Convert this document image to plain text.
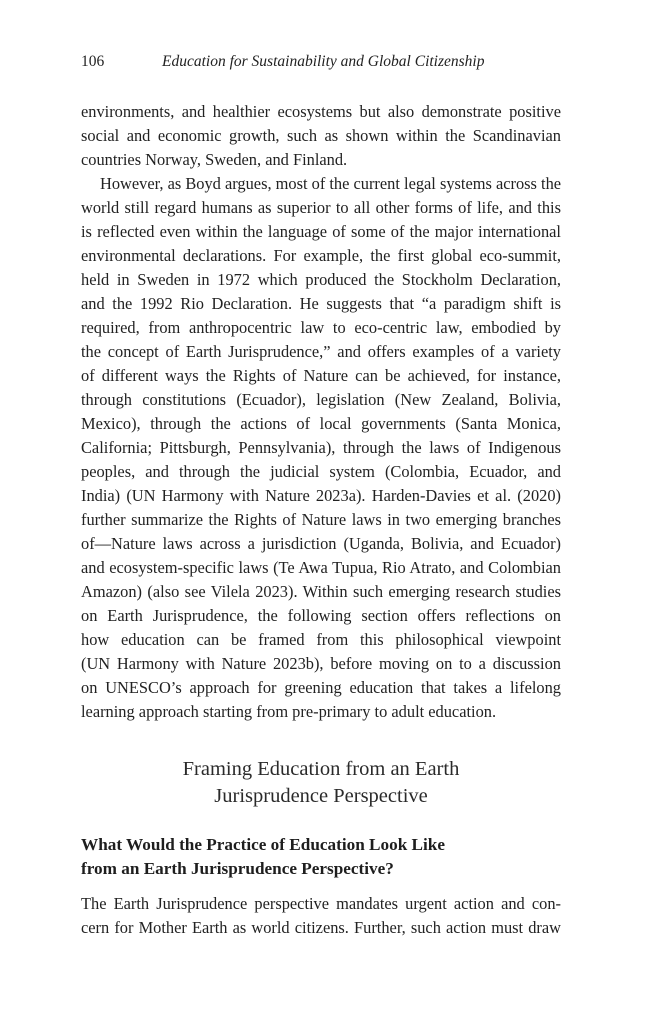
106	Education for Sustainability and Global Citizenship
environments, and healthier ecosystems but also demonstrate positive
social and economic growth, such as shown within the Scandinavian
countries Norway, Sweden, and Finland.
However, as Boyd argues, most of the current legal systems across the
world still regard humans as superior to all other forms of life, and this
is reflected even within the language of some of the major international
environmental declarations. For example, the first global eco-summit,
held in Sweden in 1972 which produced the Stockholm Declaration,
and the 1992 Rio Declaration. He suggests that “a paradigm shift is
required, from anthropocentric law to eco-centric law, embodied by
the concept of Earth Jurisprudence,” and offers examples of a variety
of different ways the Rights of Nature can be achieved, for instance,
through constitutions (Ecuador), legislation (New Zealand, Bolivia,
Mexico), through the actions of local governments (Santa Monica,
California; Pittsburgh, Pennsylvania), through the laws of Indigenous
peoples, and through the judicial system (Colombia, Ecuador, and
India) (UN Harmony with Nature 2023a). Harden-Davies et al. (2020)
further summarize the Rights of Nature laws in two emerging branches
of—Nature laws across a jurisdiction (Uganda, Bolivia, and Ecuador)
and ecosystem-specific laws (Te Awa Tupua, Rio Atrato, and Colombian
Amazon) (also see Vilela 2023). Within such emerging research studies
on Earth Jurisprudence, the following section offers reflections on
how education can be framed from this philosophical viewpoint
(UN Harmony with Nature 2023b), before moving on to a discussion
on UNESCO’s approach for greening education that takes a lifelong
learning approach starting from pre-primary to adult education.
Framing Education from an Earth
Jurisprudence Perspective
What Would the Practice of Education Look Like
from an Earth Jurisprudence Perspective?
The Earth Jurisprudence perspective mandates urgent action and con-
cern for Mother Earth as world citizens. Further, such action must draw
